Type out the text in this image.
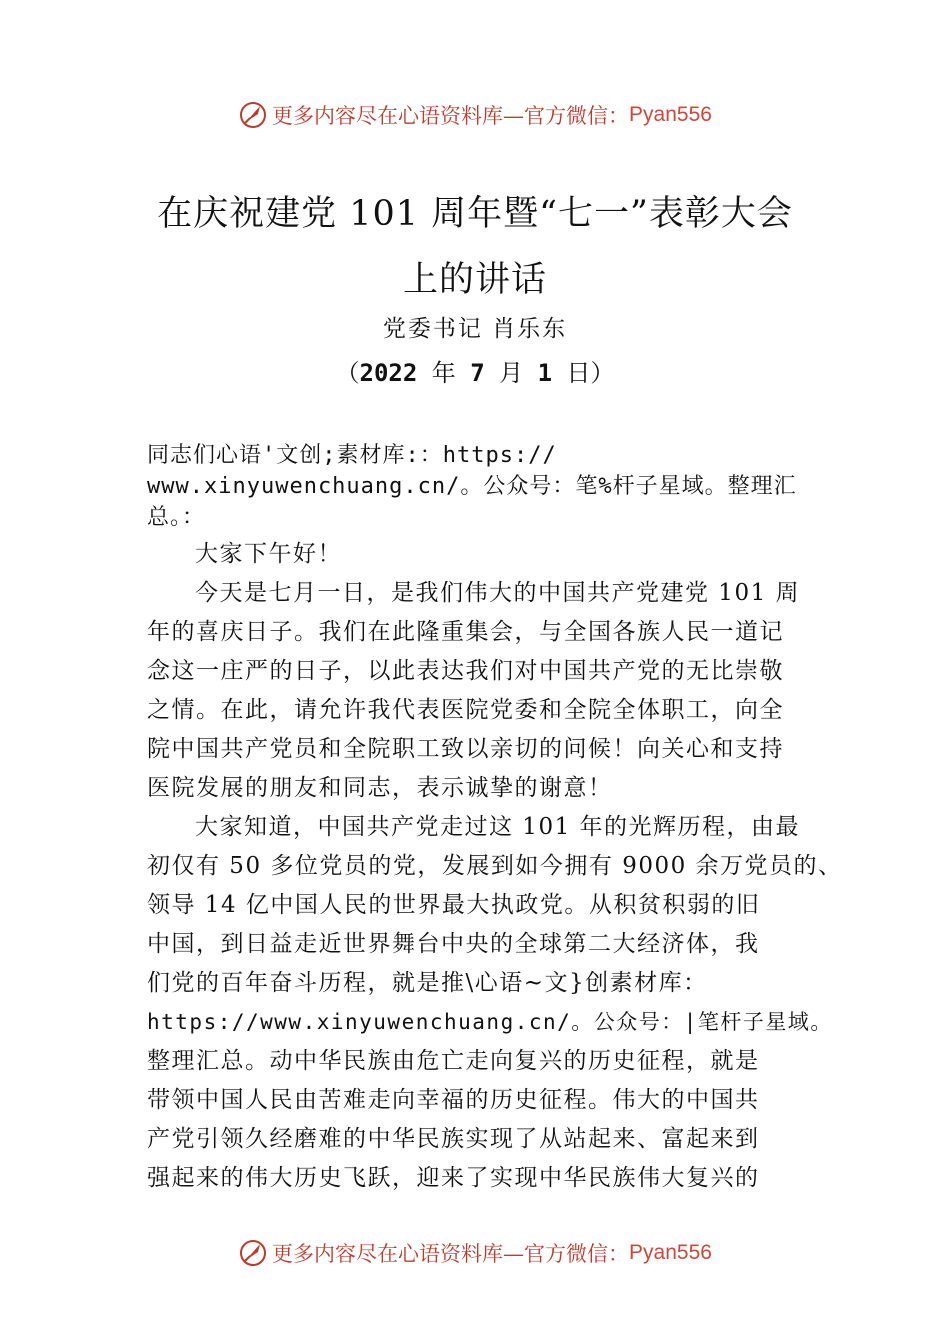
更多内容尽在心语资料库—官方微信：Pyan556
在庆祝建党 101 周年暨“七一”表彰大会
上的讲话
党委书记 肖乐东
（2022 年 7 月 1 日）
同志们心语'文创;素材库:：https://
www.xinyuwenchuang.cn/。公众号：笔%杆子星域。整理汇
总。：
大家下午好！
今天是七月一日，是我们伟大的中国共产党建党 101 周
年的喜庆日子。我们在此隆重集会，与全国各族人民一道记
念这一庄严的日子，以此表达我们对中国共产党的无比崇敬
之情。在此，请允许我代表医院党委和全院全体职工，向全
院中国共产党员和全院职工致以亲切的问候！向关心和支持
医院发展的朋友和同志，表示诚挚的谢意！
大家知道，中国共产党走过这 101 年的光辉历程，由最
初仅有 50 多位党员的党，发展到如今拥有 9000 余万党员的、
领导 14 亿中国人民的世界最大执政党。从积贫积弱的旧
中国，到日益走近世界舞台中央的全球第二大经济体，我
们党的百年奋斗历程，就是推\心语~文}创素材库：
https://www.xinyuwenchuang.cn/。公众号：|笔杆子星域。
整理汇总。动中华民族由危亡走向复兴的历史征程，就是
带领中国人民由苦难走向幸福的历史征程。伟大的中国共
产党引领久经磨难的中华民族实现了从站起来、富起来到
强起来的伟大历史飞跃，迎来了实现中华民族伟大复兴的
更多内容尽在心语资料库—官方微信：Pyan556
